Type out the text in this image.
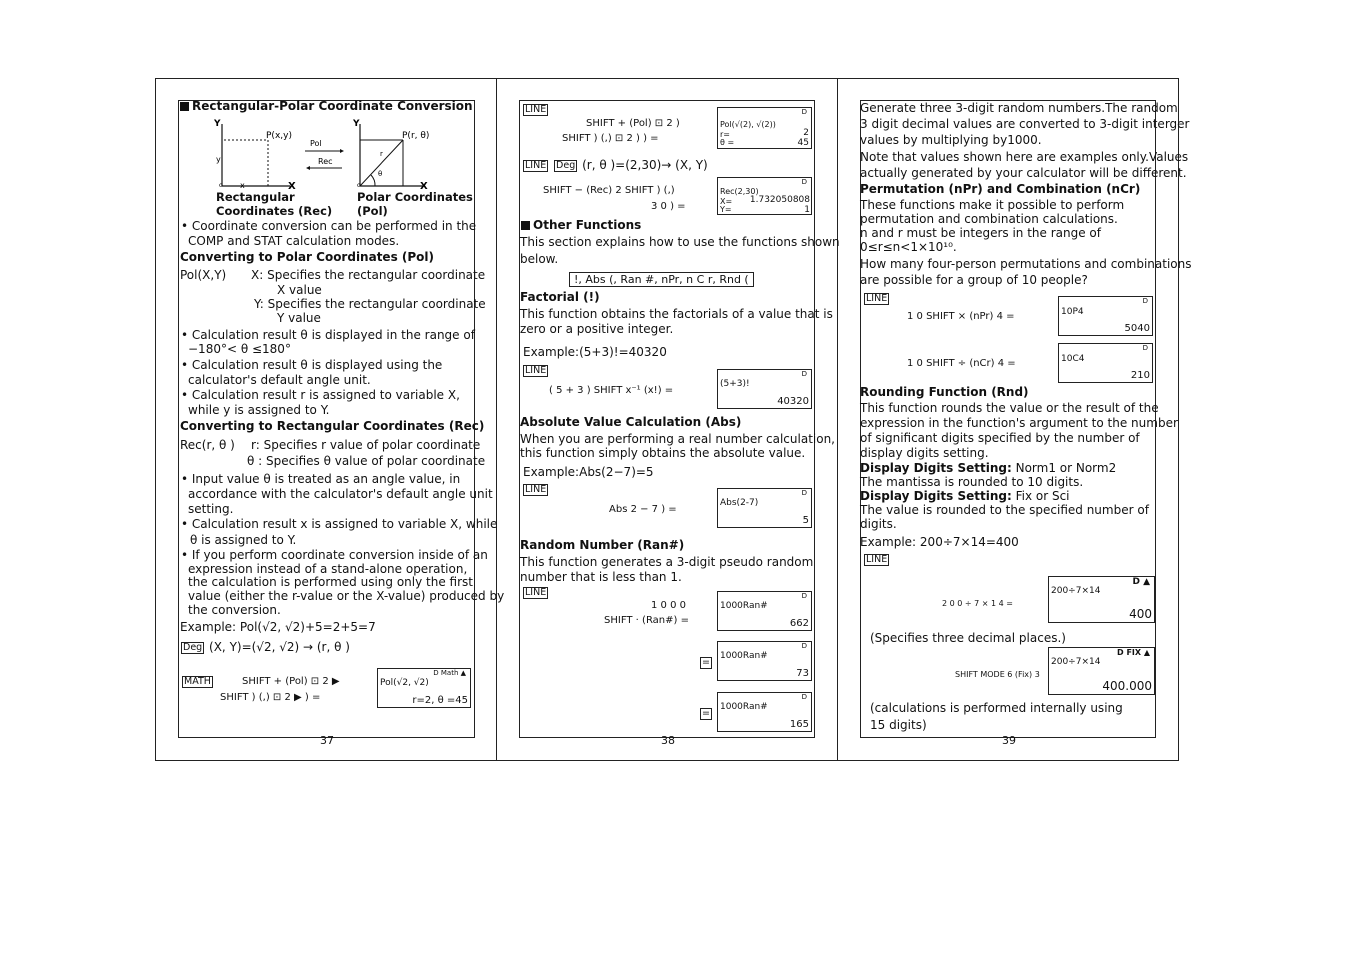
Rectangular-Polar Coordinate Conversion
Y
X
P(x,y)
y
x
o
Pol
Rec
Y
X
P(r, θ)
r
θ
o
Rectangular
Coordinates (Rec)
Polar Coordinates
(Pol)
• Coordinate conversion can be performed in the
COMP and STAT calculation modes.
Converting to Polar Coordinates (Pol)
Pol(X,Y) X: Specifies the rectangular coordinate
X value
Y: Specifies the rectangular coordinate
Y value
• Calculation result θ is displayed in the range of
−180°< θ ≤180°
• Calculation result θ is displayed using the
calculator's default angle unit.
• Calculation result r is assigned to variable X,
while y is assigned to Y.
Converting to Rectangular Coordinates (Rec)
Rec(r, θ ) r: Specifies r value of polar coordinate
θ : Specifies θ value of polar coordinate
• Input value θ is treated as an angle value, in
accordance with the calculator's default angle unit
setting.
• Calculation result x is assigned to variable X, while
θ is assigned to Y.
• If you perform coordinate conversion inside of an
expression instead of a stand-alone operation,
the calculation is performed using only the first
value (either the r-value or the X-value) produced by
the conversion.
Example: Pol(√2, √2)+5=2+5=7
Deg (X, Y)=(√2, √2) → (r, θ )
MATH	SHIFT + (Pol) ⊡ 2 ▶
SHIFT ) (,) ⊡ 2 ▶ ) =
D Math ▲
Pol(√2, √2)
r=2, θ =45
37
LINE
SHIFT + (Pol) ⊡ 2 )
SHIFT ) (,) ⊡ 2 ) ) =
D
Pol(√(2), √(2))
r=
θ =
2
45
LINE Deg (r, θ )=(2,30)→ (X, Y)
SHIFT − (Rec) 2 SHIFT ) (,)
3 0 ) =
D
Rec(2,30)
X=
Y=
1.732050808
1
Other Functions
This section explains how to use the functions shown
below.
!, Abs (, Ran #, nPr, n C r, Rnd (
Factorial (!)
This function obtains the factorials of a value that is
zero or a positive integer.
Example:(5+3)!=40320
LINE
( 5 + 3 ) SHIFT x⁻¹ (x!) =
D
(5+3)!
40320
Absolute Value Calculation (Abs)
When you are performing a real number calculation,
this function simply obtains the absolute value.
Example:Abs(2−7)=5
LINE
Abs 2 − 7 ) =
D
Abs(2-7)
5
Random Number (Ran#)
This function generates a 3-digit pseudo random
number that is less than 1.
LINE
1 0 0 0
SHIFT · (Ran#) =
D
1000Ran#
662
=
D
1000Ran#
73
=
D
1000Ran#
165
38
Generate three 3-digit random numbers.The random
3 digit decimal values are converted to 3-digit interger
values by multiplying by1000.
Note that values shown here are examples only.Values
actually generated by your calculator will be different.
Permutation (nPr) and Combination (nCr)
These functions make it possible to perform
permutation and combination calculations.
n and r must be integers in the range of
0≤r≤n<1×10¹⁰.
How many four-person permutations and combinations
are possible for a group of 10 people?
LINE
1 0 SHIFT × (nPr) 4 =
D
10P4
5040
1 0 SHIFT ÷ (nCr) 4 =
D
10C4
210
Rounding Function (Rnd)
This function rounds the value or the result of the
expression in the function's argument to the number
of significant digits specified by the number of
display digits setting.
Display Digits Setting: Norm1 or Norm2
The mantissa is rounded to 10 digits.
Display Digits Setting: Fix or Sci
The value is rounded to the specified number of
digits.
Example: 200÷7×14=400
LINE
2 0 0 ÷ 7 × 1 4 =
D ▲
200÷7×14
400
(Specifies three decimal places.)
SHIFT MODE 6 (Fix) 3
D FIX ▲
200÷7×14
400.000
(calculations is performed internally using
15 digits)
39
